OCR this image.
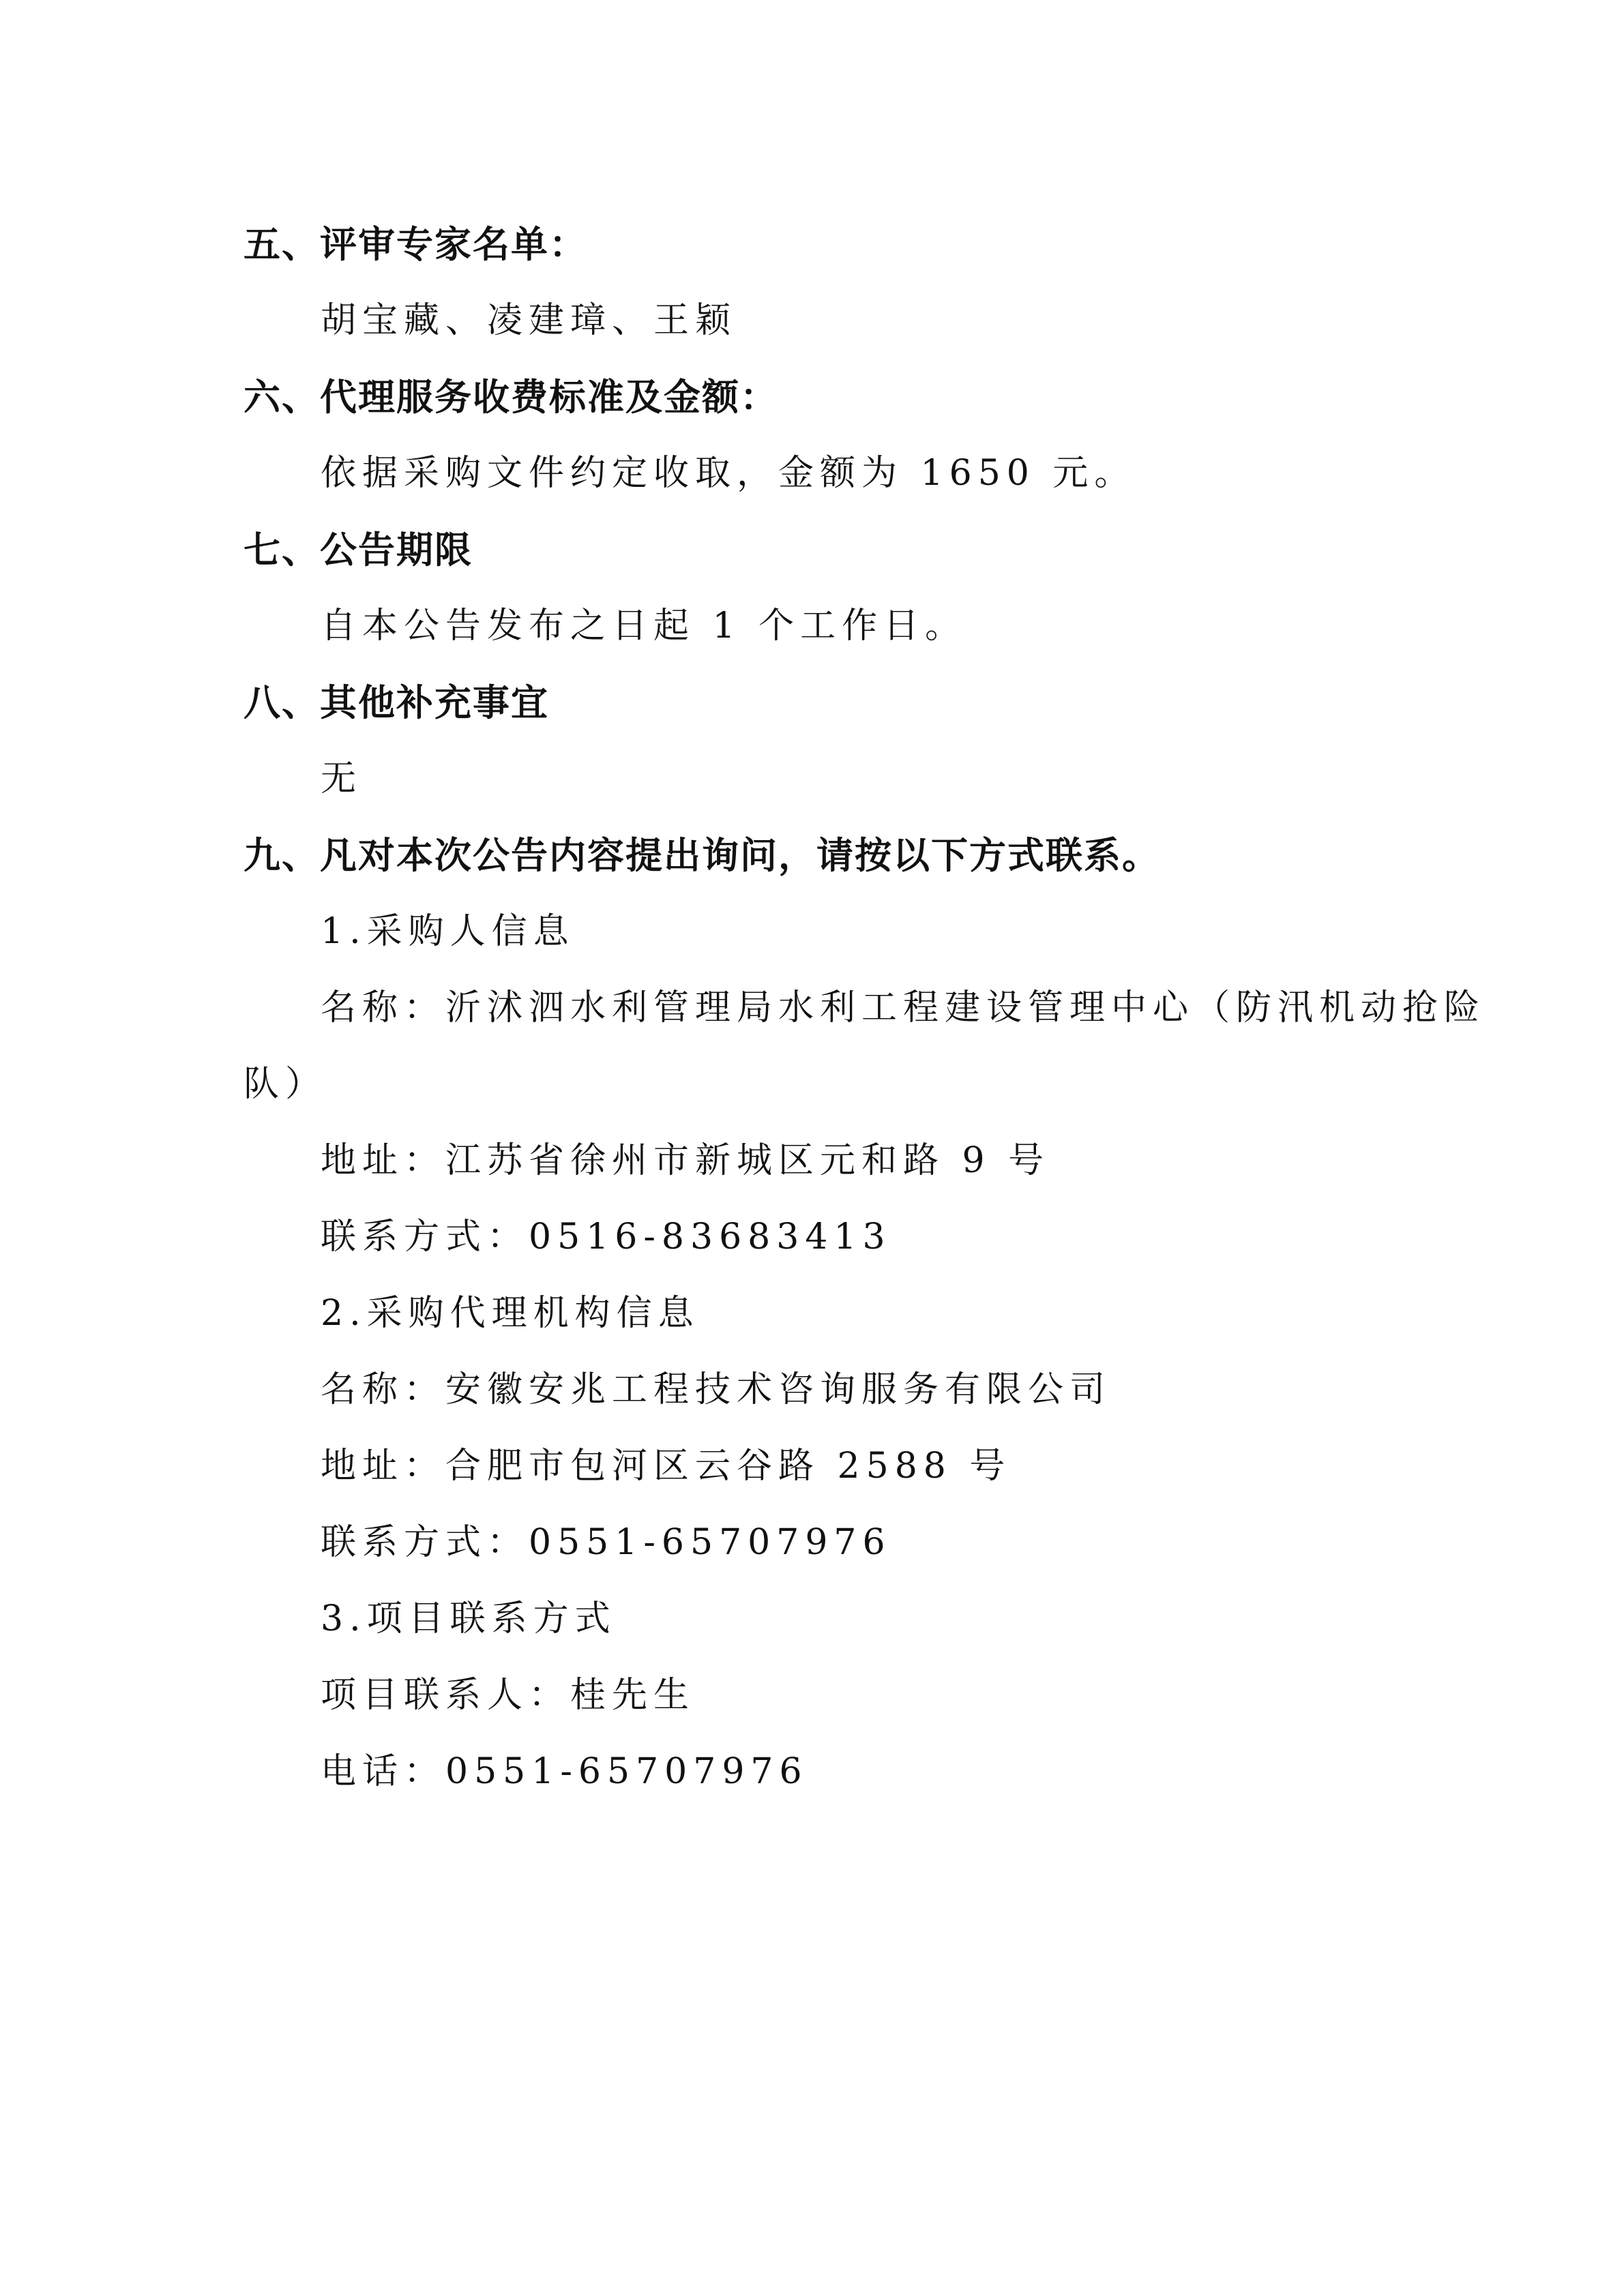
五、评审专家名单：
胡宝藏、凌建璋、王颖
六、代理服务收费标准及金额：
依据采购文件约定收取，金额为 1650 元。
七、公告期限
自本公告发布之日起 1 个工作日。
八、其他补充事宜
无
九、凡对本次公告内容提出询问，请按以下方式联系。
1.采购人信息
名称：沂沭泗水利管理局水利工程建设管理中心（防汛机动抢险
队）
地址：江苏省徐州市新城区元和路 9 号
联系方式：0516-83683413
2.采购代理机构信息
名称：安徽安兆工程技术咨询服务有限公司
地址：合肥市包河区云谷路 2588 号
联系方式：0551-65707976
3.项目联系方式
项目联系人：桂先生
电话：0551-65707976
